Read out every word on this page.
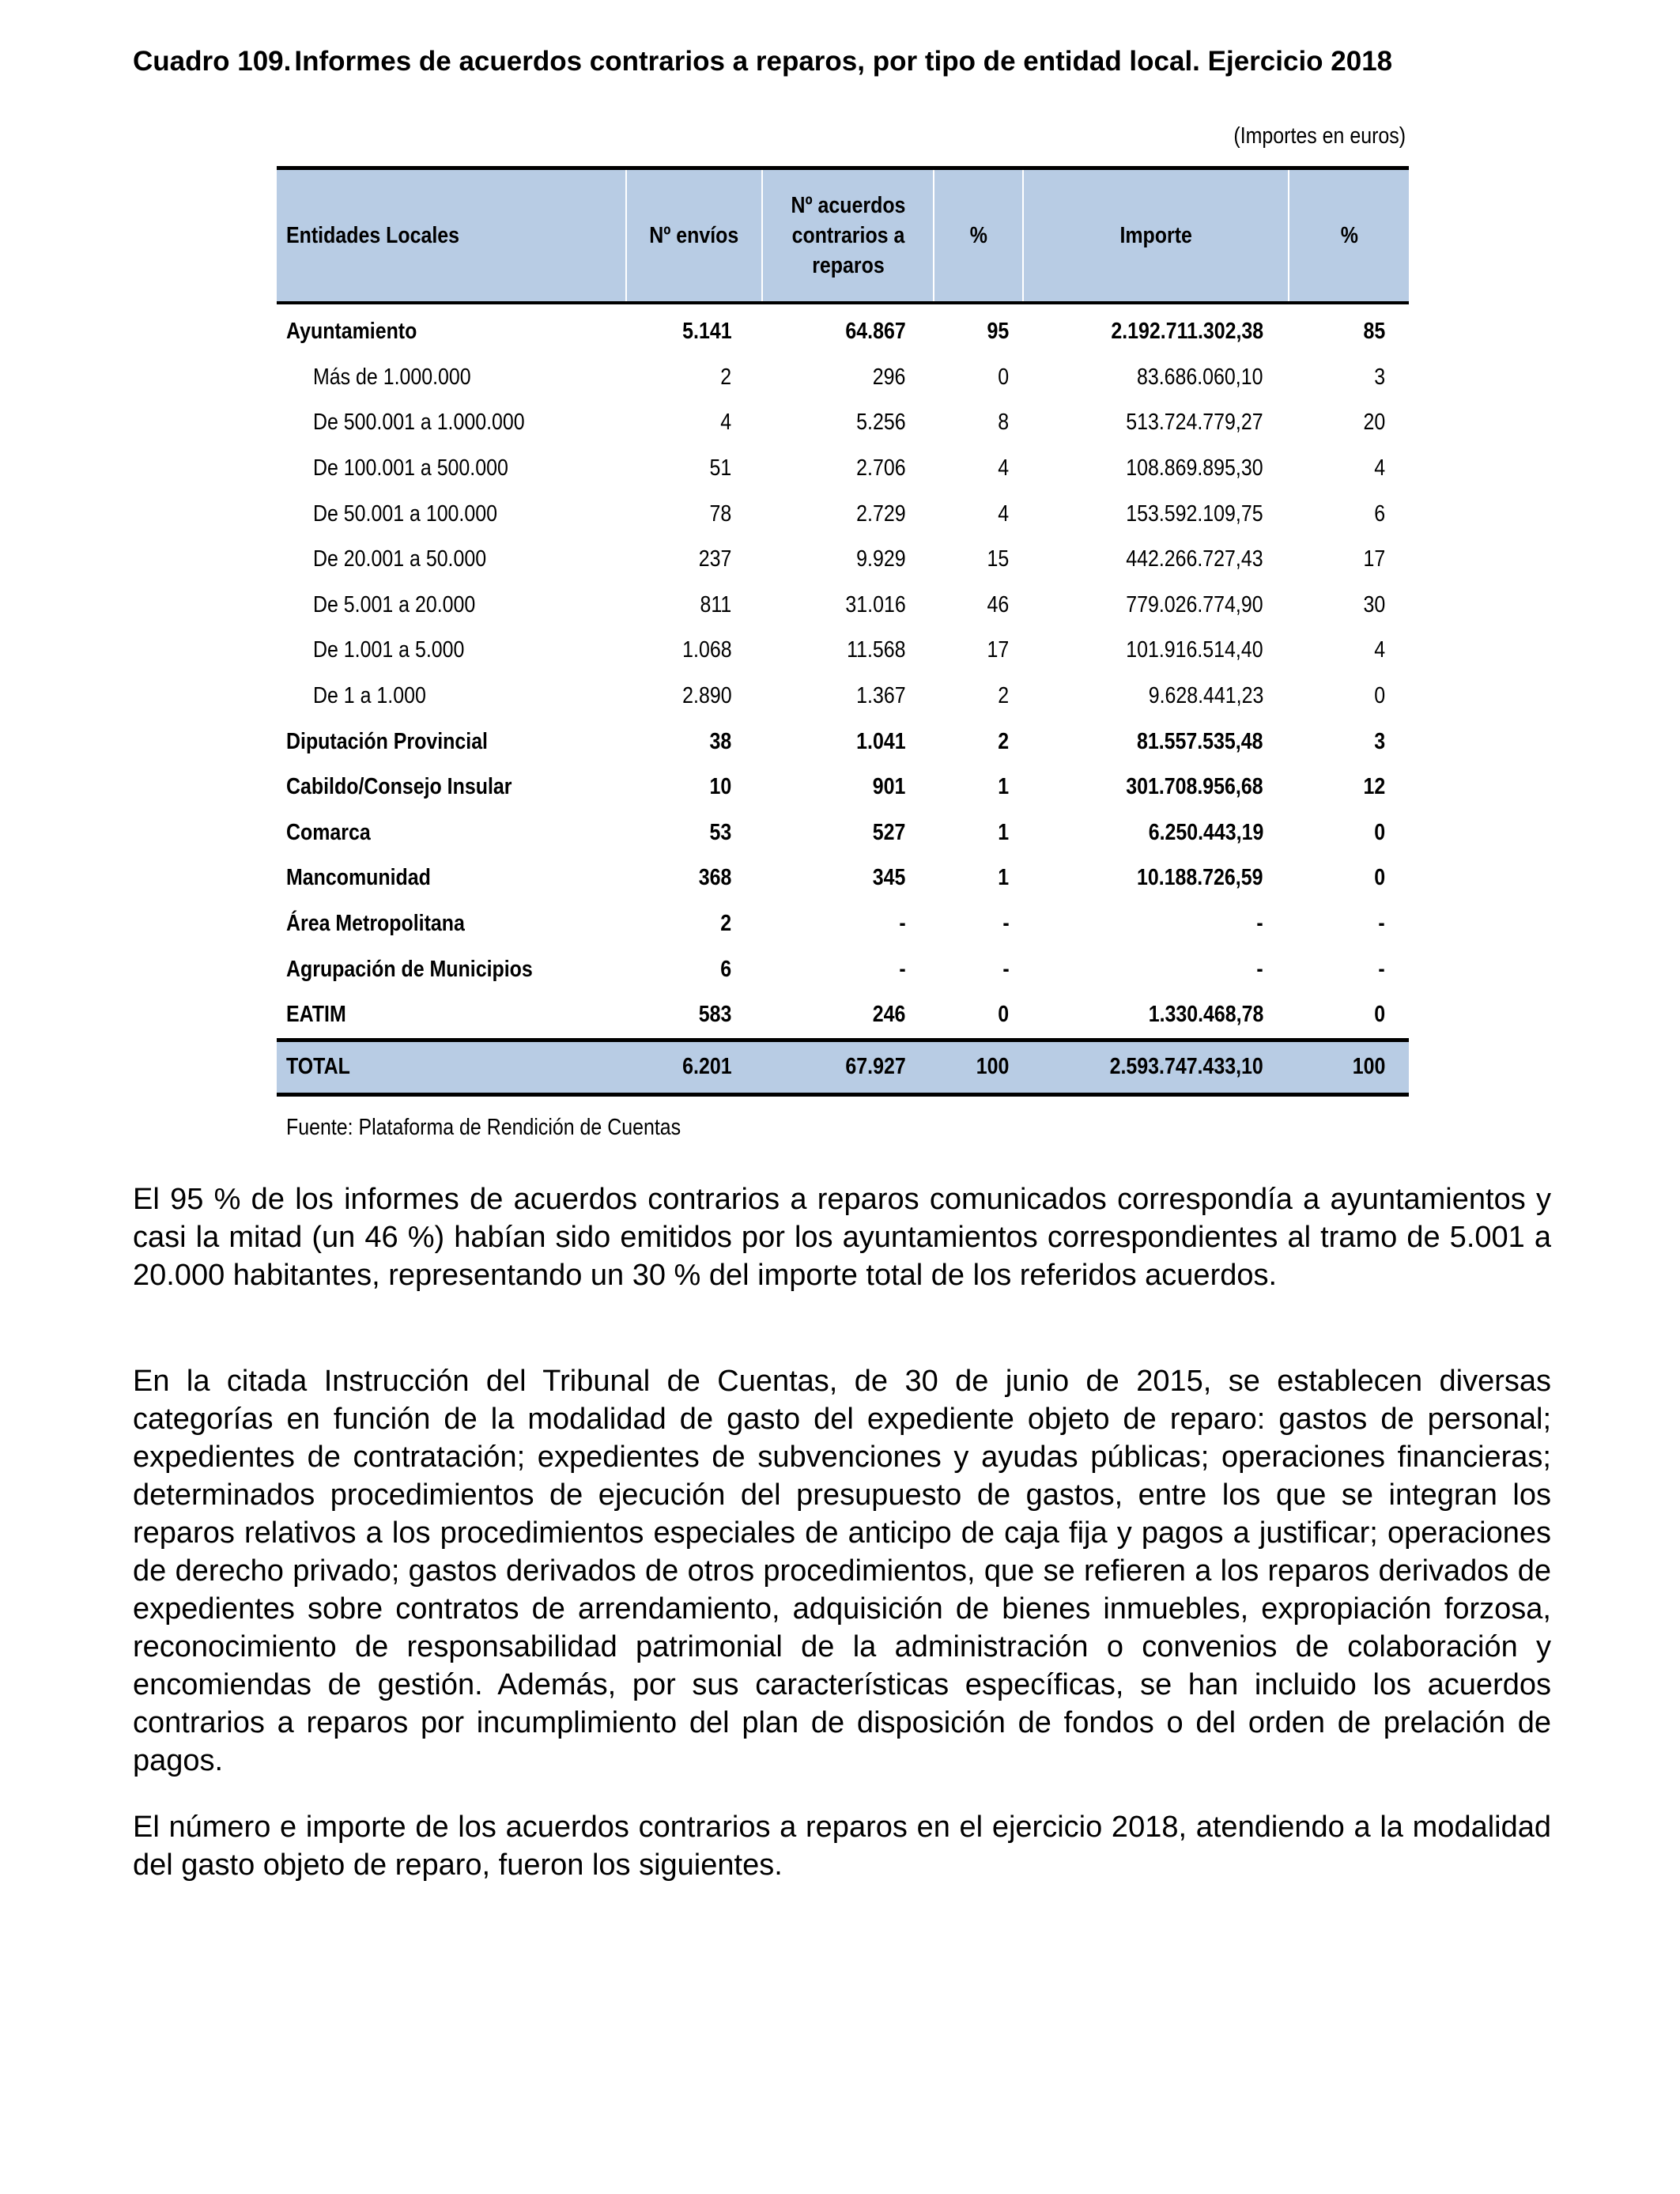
Cuadro 109. Informes de acuerdos contrarios a reparos, por tipo de entidad local. Ejercicio 2018
(Importes en euros)
Entidades Locales	Nº envíos	Nº acuerdos
contrarios a
reparos	%	Importe	%
Ayuntamiento	5.141	64.867	95	2.192.711.302,38	85
Más de 1.000.000	2	296	0	83.686.060,10	3
De 500.001 a 1.000.000	4	5.256	8	513.724.779,27	20
De 100.001 a 500.000	51	2.706	4	108.869.895,30	4
De 50.001 a 100.000	78	2.729	4	153.592.109,75	6
De 20.001 a 50.000	237	9.929	15	442.266.727,43	17
De 5.001 a 20.000	811	31.016	46	779.026.774,90	30
De 1.001 a 5.000	1.068	11.568	17	101.916.514,40	4
De 1 a 1.000	2.890	1.367	2	9.628.441,23	0
Diputación Provincial	38	1.041	2	81.557.535,48	3
Cabildo/Consejo Insular	10	901	1	301.708.956,68	12
Comarca	53	527	1	6.250.443,19	0
Mancomunidad	368	345	1	10.188.726,59	0
Área Metropolitana	2	-	-	-	-
Agrupación de Municipios	6	-	-	-	-
EATIM	583	246	0	1.330.468,78	0
TOTAL	6.201	67.927	100	2.593.747.433,10	100
Fuente: Plataforma de Rendición de Cuentas

El 95 % de los informes de acuerdos contrarios a reparos comunicados correspondía a ayuntamientos y casi la mitad (un 46 %) habían sido emitidos por los ayuntamientos correspondientes al tramo de 5.001 a 20.000 habitantes, representando un 30 % del importe total de los referidos acuerdos.

En la citada Instrucción del Tribunal de Cuentas, de 30 de junio de 2015, se establecen diversas categorías en función de la modalidad de gasto del expediente objeto de reparo: gastos de personal; expedientes de contratación; expedientes de subvenciones y ayudas públicas; operaciones financieras; determinados procedimientos de ejecución del presupuesto de gastos, entre los que se integran los reparos relativos a los procedimientos especiales de anticipo de caja fija y pagos a justificar; operaciones de derecho privado; gastos derivados de otros procedimientos, que se refieren a los reparos derivados de expedientes sobre contratos de arrendamiento, adquisición de bienes inmuebles, expropiación forzosa, reconocimiento de responsabilidad patrimonial de la administración o convenios de colaboración y encomiendas de gestión. Además, por sus características específicas, se han incluido los acuerdos contrarios a reparos por incumplimiento del plan de disposición de fondos o del orden de prelación de pagos.

El número e importe de los acuerdos contrarios a reparos en el ejercicio 2018, atendiendo a la modalidad del gasto objeto de reparo, fueron los siguientes.
